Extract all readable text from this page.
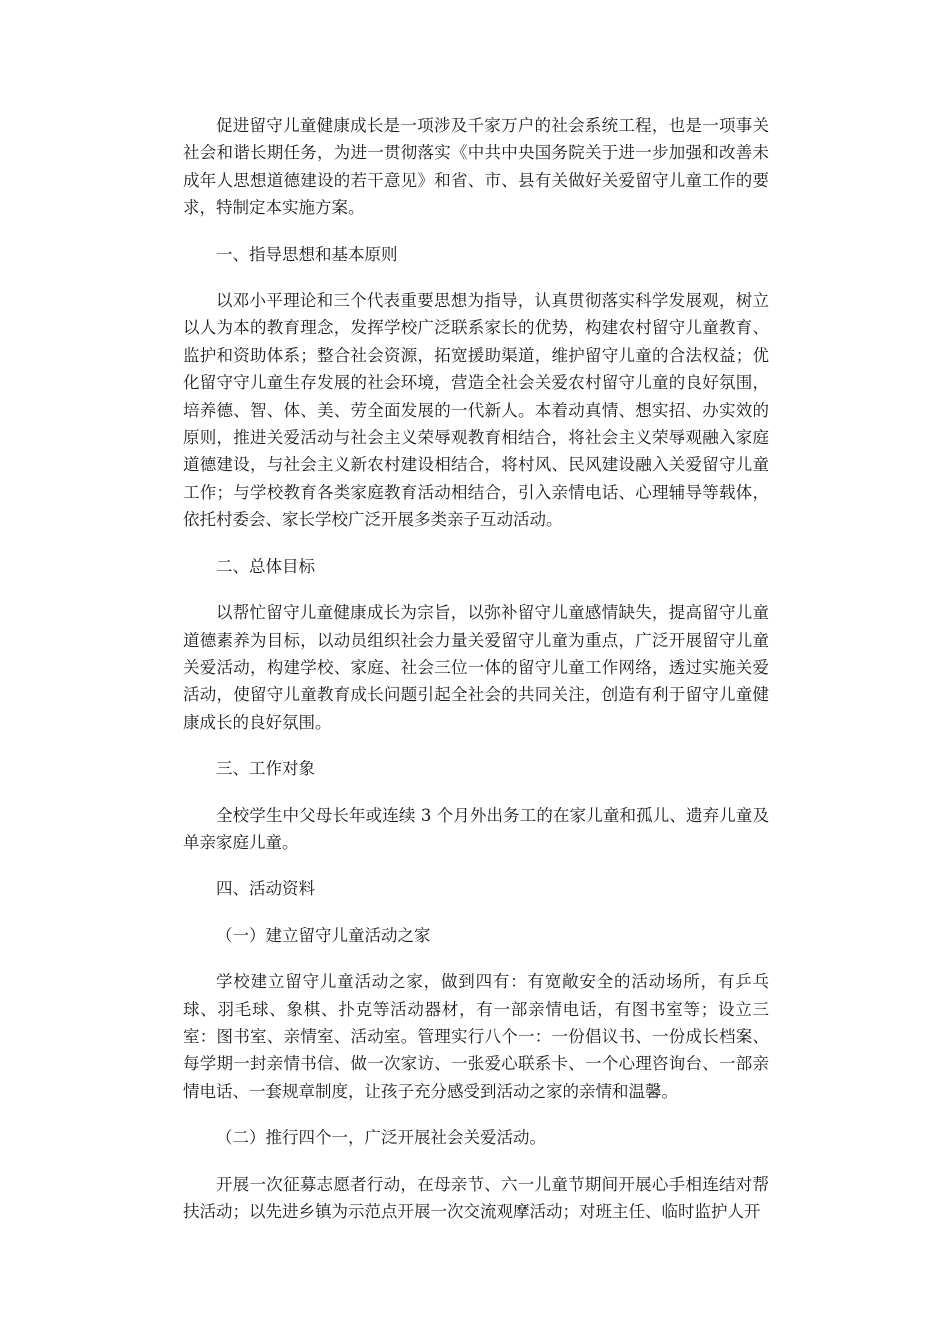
促进留守儿童健康成长是一项涉及千家万户的社会系统工程，也是一项事关社会和谐长期任务，为进一贯彻落实《中共中央国务院关于进一步加强和改善未成年人思想道德建设的若干意见》和省、市、县有关做好关爱留守儿童工作的要求，特制定本实施方案。

一、指导思想和基本原则

以邓小平理论和三个代表重要思想为指导，认真贯彻落实科学发展观，树立以人为本的教育理念，发挥学校广泛联系家长的优势，构建农村留守儿童教育、监护和资助体系；整合社会资源，拓宽援助渠道，维护留守儿童的合法权益；优化留守守儿童生存发展的社会环境，营造全社会关爱农村留守儿童的良好氛围，培养德、智、体、美、劳全面发展的一代新人。本着动真情、想实招、办实效的原则，推进关爱活动与社会主义荣辱观教育相结合，将社会主义荣辱观融入家庭道德建设，与社会主义新农村建设相结合，将村风、民风建设融入关爱留守儿童工作；与学校教育各类家庭教育活动相结合，引入亲情电话、心理辅导等载体，依托村委会、家长学校广泛开展多类亲子互动活动。

二、总体目标

以帮忙留守儿童健康成长为宗旨，以弥补留守儿童感情缺失，提高留守儿童道德素养为目标，以动员组织社会力量关爱留守儿童为重点，广泛开展留守儿童关爱活动，构建学校、家庭、社会三位一体的留守儿童工作网络，透过实施关爱活动，使留守儿童教育成长问题引起全社会的共同关注，创造有利于留守儿童健康成长的良好氛围。

三、工作对象

全校学生中父母长年或连续 3 个月外出务工的在家儿童和孤儿、遗弃儿童及单亲家庭儿童。

四、活动资料

（一）建立留守儿童活动之家

学校建立留守儿童活动之家，做到四有：有宽敞安全的活动场所，有乒乓球、羽毛球、象棋、扑克等活动器材，有一部亲情电话，有图书室等；设立三室：图书室、亲情室、活动室。管理实行八个一：一份倡议书、一份成长档案、每学期一封亲情书信、做一次家访、一张爱心联系卡、一个心理咨询台、一部亲情电话、一套规章制度，让孩子充分感受到活动之家的亲情和温馨。

（二）推行四个一，广泛开展社会关爱活动。

开展一次征募志愿者行动，在母亲节、六一儿童节期间开展心手相连结对帮扶活动；以先进乡镇为示范点开展一次交流观摩活动；对班主任、临时监护人开
